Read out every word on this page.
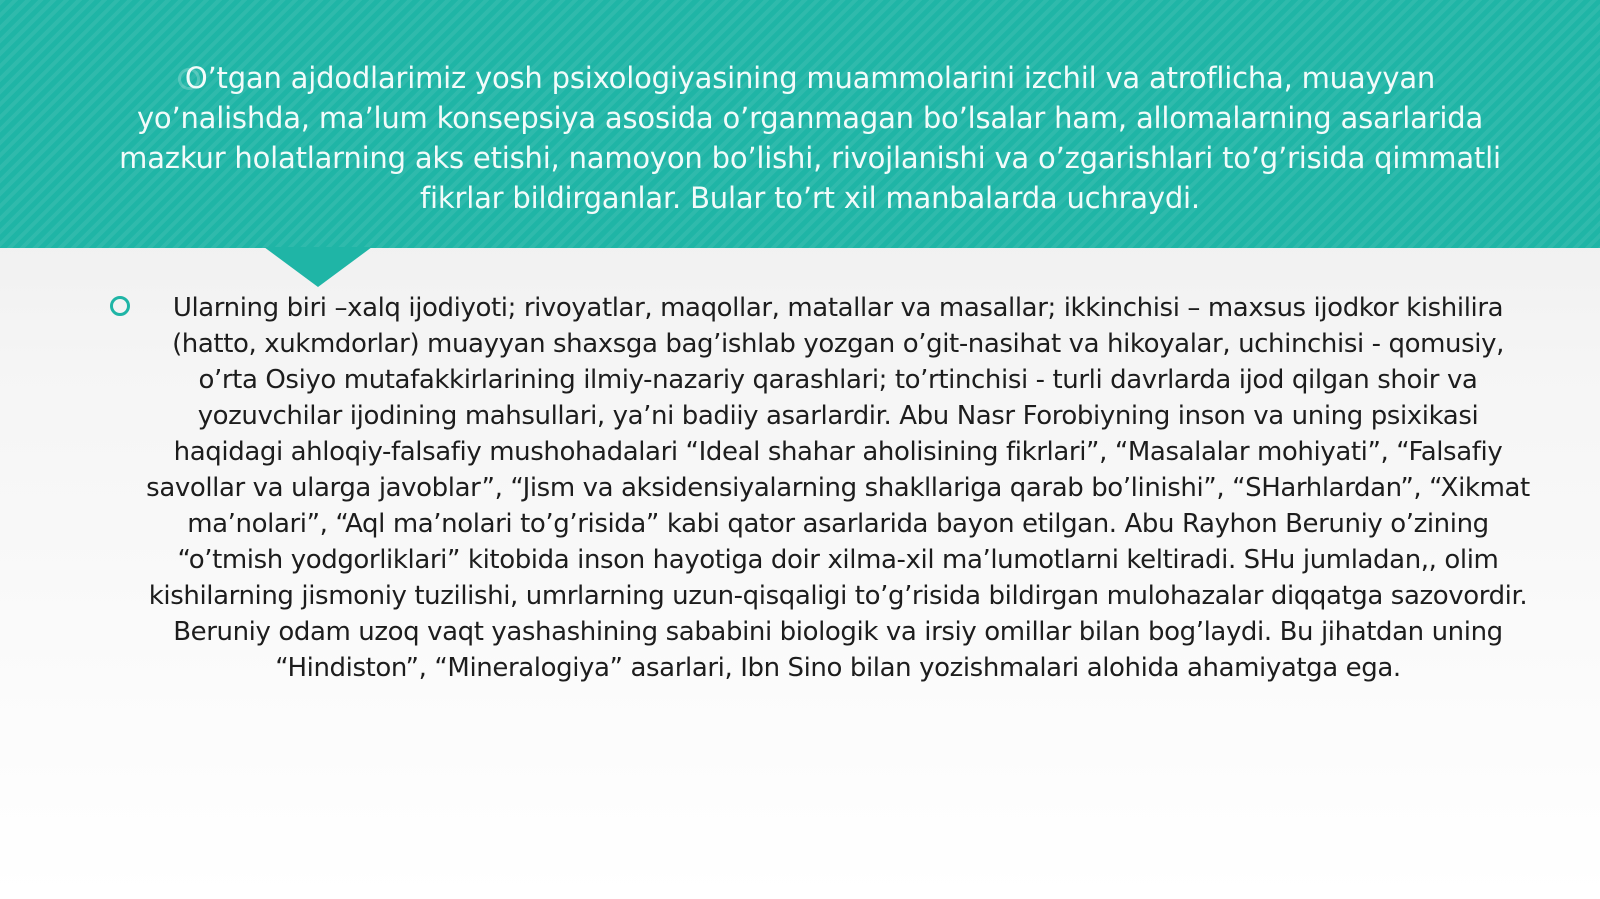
O’tgan ajdodlarimiz yosh psixologiyasining muammolarini izchil va atroflicha, muayyan yo’nalishda, ma’lum konsepsiya asosida o’rganmagan bo’lsalar ham, allomalarning asarlarida mazkur holatlarning aks etishi, namoyon bo’lishi, rivojlanishi va o’zgarishlari to’g’risida qimmatli fikrlar bildirganlar. Bular to’rt xil manbalarda uchraydi.

Ularning biri –xalq ijodiyoti; rivoyatlar, maqollar, matallar va masallar; ikkinchisi – maxsus ijodkor kishilira (hatto, xukmdorlar) muayyan shaxsga bag’ishlab yozgan o’git-nasihat va hikoyalar, uchinchisi - qomusiy, o’rta Osiyo mutafakkirlarining ilmiy-nazariy qarashlari; to’rtinchisi - turli davrlarda ijod qilgan shoir va yozuvchilar ijodining mahsullari, ya’ni badiiy asarlardir. Abu Nasr Forobiyning inson va uning psixikasi haqidagi ahloqiy-falsafiy mushohadalari “Ideal shahar aholisining fikrlari”, “Masalalar mohiyati”, “Falsafiy savollar va ularga javoblar”, “Jism va aksidensiyalarning shakllariga qarab bo’linishi”, “SHarhlardan”, “Xikmat ma’nolari”, “Aql ma’nolari to’g’risida” kabi qator asarlarida bayon etilgan. Abu Rayhon Beruniy o’zining “o’tmish yodgorliklari” kitobida inson hayotiga doir xilma-xil ma’lumotlarni keltiradi. SHu jumladan,, olim kishilarning jismoniy tuzilishi, umrlarning uzun-qisqaligi to’g’risida bildirgan mulohazalar diqqatga sazovordir. Beruniy odam uzoq vaqt yashashining sababini biologik va irsiy omillar bilan bog’laydi. Bu jihatdan uning “Hindiston”, “Mineralogiya” asarlari, Ibn Sino bilan yozishmalari alohida ahamiyatga ega.
